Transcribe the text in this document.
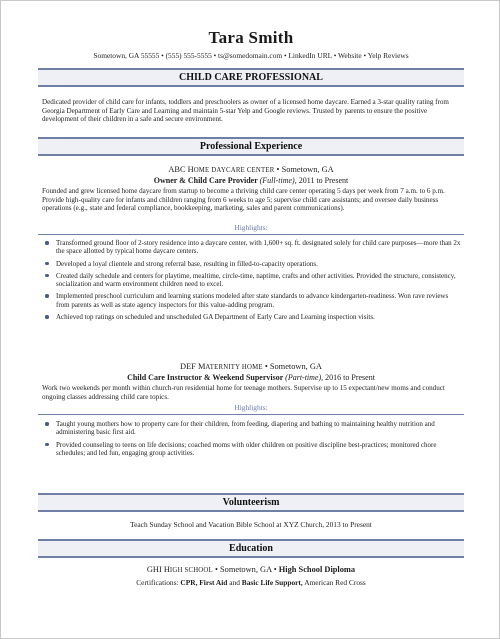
Tara Smith
Sometown, GA 55555 • (555) 555-5555 • ts@somedomain.com • LinkedIn URL • Website • Yelp Reviews
CHILD CARE PROFESSIONAL
Dedicated provider of child care for infants, toddlers and preschoolers as owner of a licensed home daycare. Earned a 3-star quality rating from Georgia Department of Early Care and Learning and maintain 5-star Yelp and Google reviews. Trusted by parents to ensure the positive development of their children in a safe and secure environment.
Professional Experience
ABC HOME DAYCARE CENTER • Sometown, GA
Owner & Child Care Provider (Full-time), 2011 to Present
Founded and grew licensed home daycare from startup to become a thriving child care center operating 5 days per week from 7 a.m. to 6 p.m. Provide high-quality care for infants and children ranging from 6 weeks to age 5; supervise child care assistants; and oversee daily business operations (e.g., state and federal compliance, bookkeeping, marketing, sales and parent communications).
Highlights:
Transformed ground floor of 2-story residence into a daycare center, with 1,600+ sq. ft. designated solely for child care purposes—more than 2x the space allotted by typical home daycare centers.
Developed a loyal clientele and strong referral base, resulting in filled-to-capacity operations.
Created daily schedule and centers for playtime, mealtime, circle-time, naptime, crafts and other activities. Provided the structure, consistency, socialization and warm environment children need to excel.
Implemented preschool curriculum and learning stations modeled after state standards to advance kindergarten-readiness. Won rave reviews from parents as well as state agency inspectors for this value-adding program.
Achieved top ratings on scheduled and unscheduled GA Department of Early Care and Learning inspection visits.
DEF MATERNITY HOME • Sometown, GA
Child Care Instructor & Weekend Supervisor (Part-time), 2016 to Present
Work two weekends per month within church-run residential home for teenage mothers. Supervise up to 15 expectant/new moms and conduct ongoing classes addressing child care topics.
Highlights:
Taught young mothers how to property care for their children, from feeding, diapering and bathing to maintaining healthy nutrition and administering basic first aid.
Provided counseling to teens on life decisions; coached moms with older children on positive discipline best-practices; monitored chore schedules; and led fun, engaging group activities.
Volunteerism
Teach Sunday School and Vacation Bible School at XYZ Church, 2013 to Present
Education
GHI HIGH SCHOOL • Sometown, GA • High School Diploma
Certifications: CPR, First Aid and Basic Life Support, American Red Cross
